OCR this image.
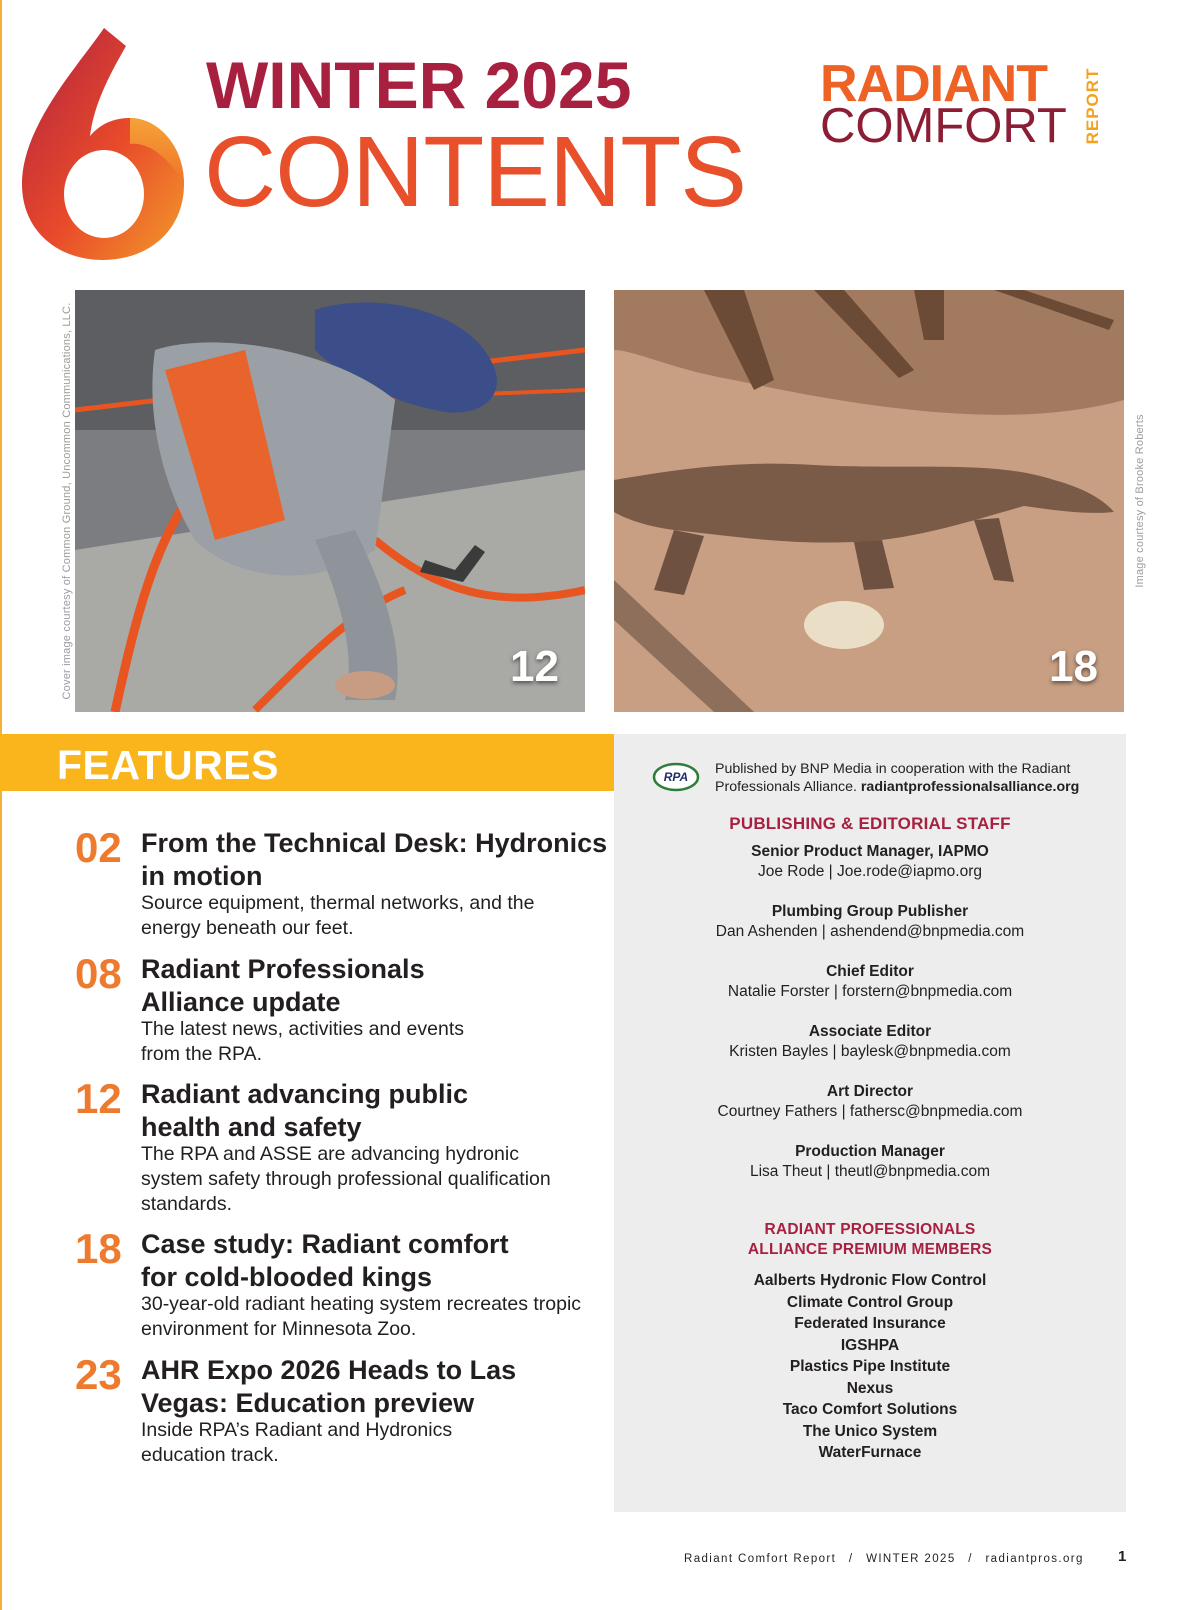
WINTER 2025
CONTENTS
RADIANT
COMFORT REPORT
Cover image courtesy of Common Ground, Uncommon Communications, LLC.	12	18
Image courtesy of Brooke Roberts
FEATURES
02 From the Technical Desk: Hydronics in motion
Source equipment, thermal networks, and the energy beneath our feet.
08 Radiant Professionals Alliance update
The latest news, activities and events from the RPA.
12 Radiant advancing public health and safety
The RPA and ASSE are advancing hydronic system safety through professional qualification standards.
18 Case study: Radiant comfort for cold-blooded kings
30-year-old radiant heating system recreates tropic environment for Minnesota Zoo.
23 AHR Expo 2026 Heads to Las Vegas: Education preview
Inside RPA’s Radiant and Hydronics education track.
RPA Published by BNP Media in cooperation with the Radiant Professionals Alliance. radiantprofessionalsalliance.org
PUBLISHING & EDITORIAL STAFF
Senior Product Manager, IAPMO
Joe Rode | Joe.rode@iapmo.org
Plumbing Group Publisher
Dan Ashenden | ashendend@bnpmedia.com
Chief Editor
Natalie Forster | forstern@bnpmedia.com
Associate Editor
Kristen Bayles | baylesk@bnpmedia.com
Art Director
Courtney Fathers | fathersc@bnpmedia.com
Production Manager
Lisa Theut | theutl@bnpmedia.com
RADIANT PROFESSIONALS
ALLIANCE PREMIUM MEMBERS
Aalberts Hydronic Flow Control
Climate Control Group
Federated Insurance
IGSHPA
Plastics Pipe Institute
Nexus
Taco Comfort Solutions
The Unico System
WaterFurnace
Radiant Comfort Report / WINTER 2025 / radiantpros.org 1
